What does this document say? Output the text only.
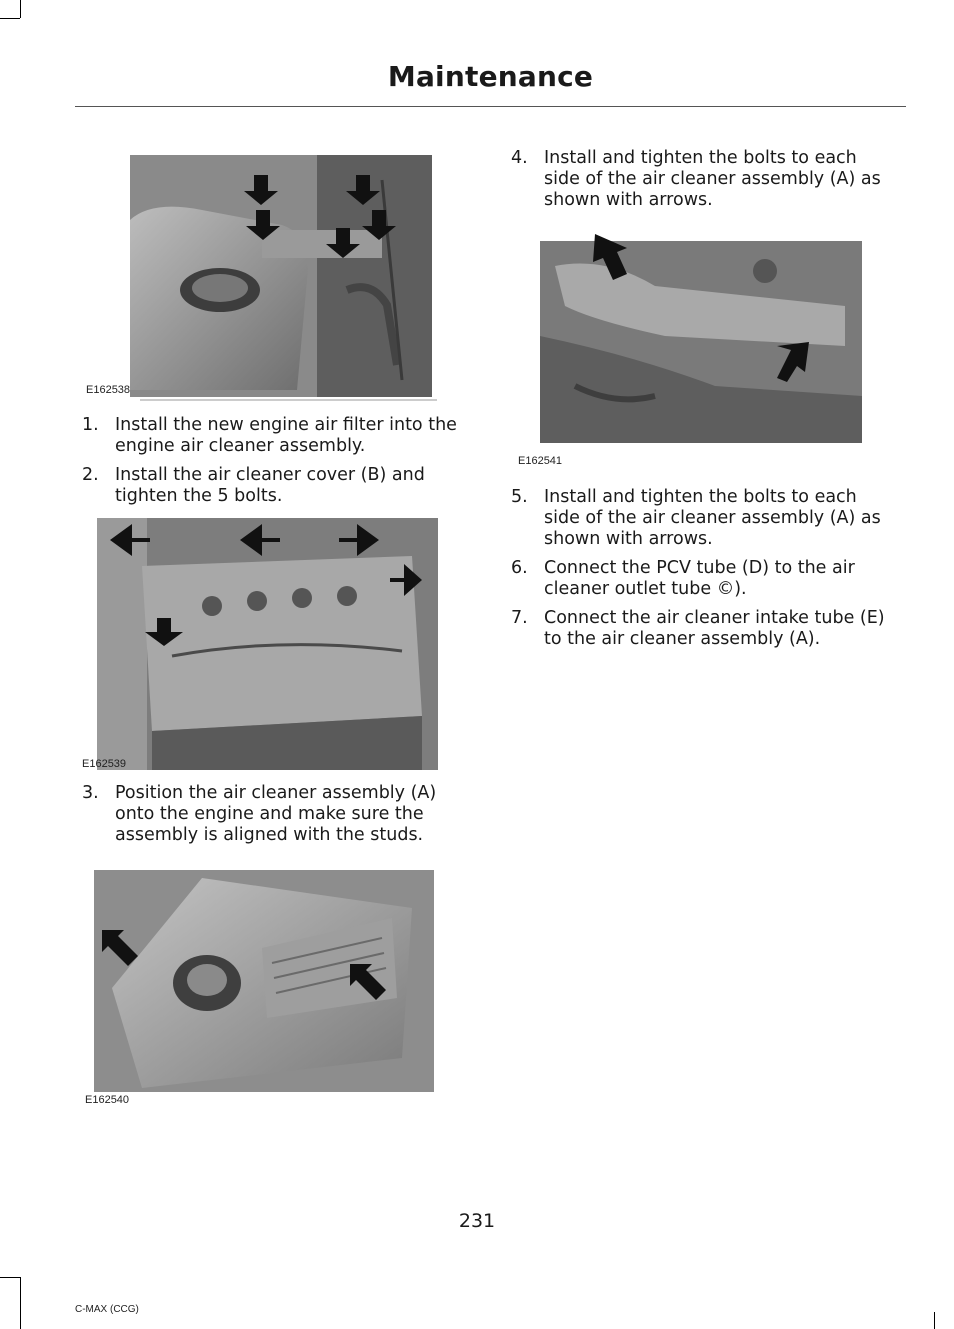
Maintenance
E162538
1. Install the new engine air filter into the
engine air cleaner assembly.
2. Install the air cleaner cover (B) and
tighten the 5 bolts.
E162539
3. Position the air cleaner assembly (A)
onto the engine and make sure the
assembly is aligned with the studs.
E162540
4. Install and tighten the bolts to each
side of the air cleaner assembly (A) as
shown with arrows.
E162541
5. Install and tighten the bolts to each
side of the air cleaner assembly (A) as
shown with arrows.
6. Connect the PCV tube (D) to the air
cleaner outlet tube ©).
7. Connect the air cleaner intake tube (E)
to the air cleaner assembly (A).
231
C-MAX (CCG)
